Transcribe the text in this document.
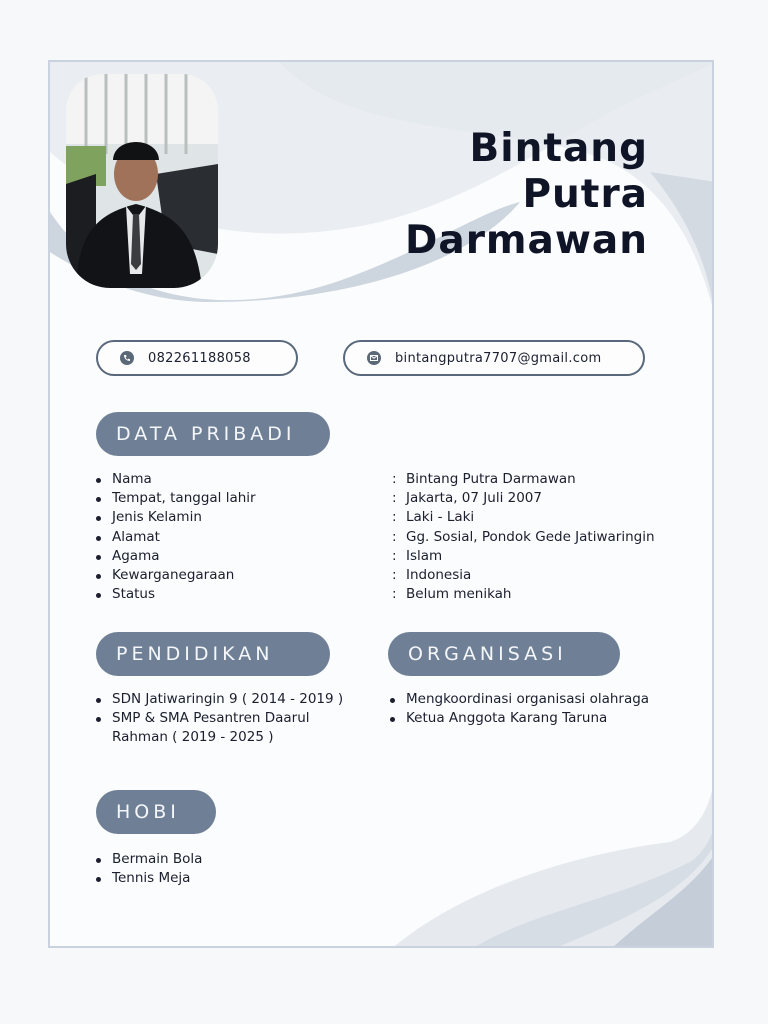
Bintang
Putra
Darmawan
082261188058	bintangputra7707@gmail.com
DATA PRIBADI
Nama
Tempat, tanggal lahir
Jenis Kelamin
Alamat
Agama
Kewarganegaraan
Status
: Bintang Putra Darmawan
: Jakarta, 07 Juli 2007
: Laki - Laki
: Gg. Sosial, Pondok Gede Jatiwaringin
: Islam
: Indonesia
: Belum menikah
PENDIDIKAN	ORGANISASI
SDN Jatiwaringin 9 ( 2014 - 2019 )
SMP & SMA Pesantren Daarul Rahman ( 2019 - 2025 )
Mengkoordinasi organisasi olahraga
Ketua Anggota Karang Taruna
HOBI
Bermain Bola
Tennis Meja
